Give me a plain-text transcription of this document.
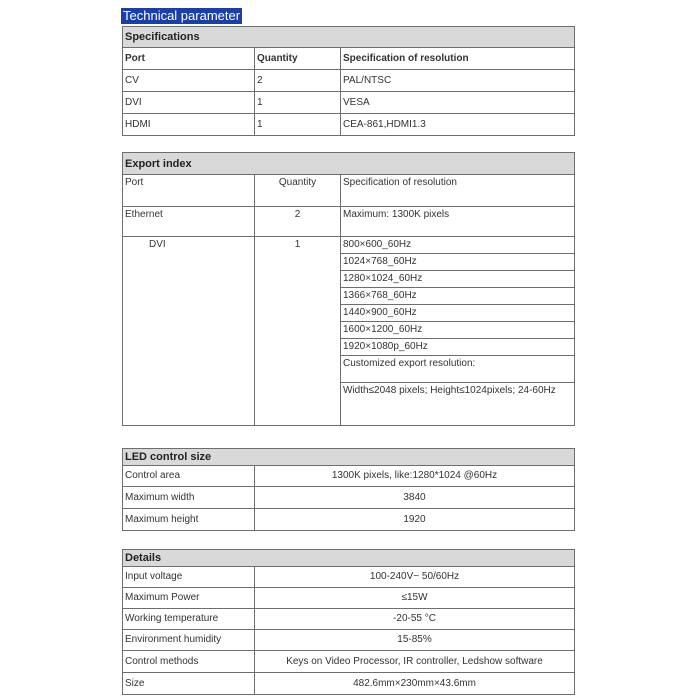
Technical parameter
Specifications		
Port	Quantity	Specification of resolution
CV	2	PAL/NTSC
DVI	1	VESA
HDMI	1	CEA-861,HDMI1.3
Export index		
Port	Quantity	Specification of resolution
Ethernet	2	Maximum: 1300K pixels
DVI	1	800×600_60Hz
		1024×768_60Hz
		1280×1024_60Hz
		1366×768_60Hz
		1440×900_60Hz
		1600×1200_60Hz
		1920×1080p_60Hz
		Customized export resolution:
		Width≤2048 pixels; Height≤1024pixels; 24-60Hz
LED control size	
Control area	1300K pixels, like:1280*1024 @60Hz
Maximum width	3840
Maximum height	1920
Details	
Input voltage	100-240V~ 50/60Hz
Maximum Power	≤15W
Working temperature	-20-55 °C
Environment humidity	15-85%
Control methods	Keys on Video Processor, IR controller, Ledshow software
Size	482.6mm×230mm×43.6mm
